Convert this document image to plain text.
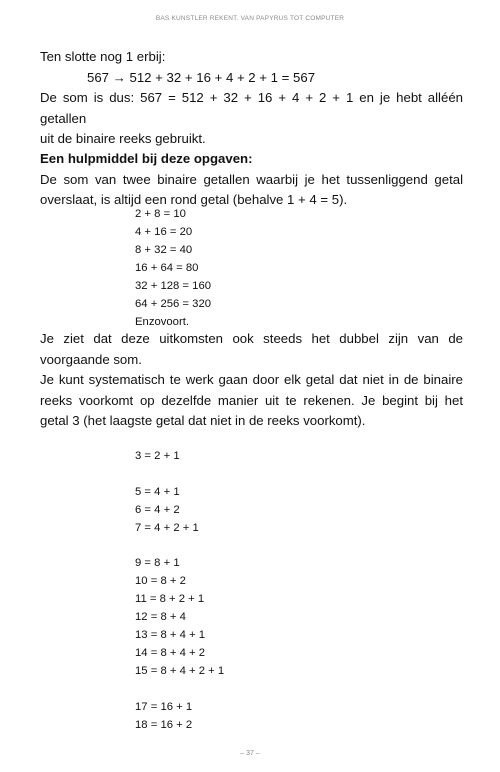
BAS KUNSTLER REKENT. VAN PAPYRUS TOT COMPUTER
Ten slotte nog 1 erbij:
567 → 512 + 32 + 16 + 4 + 2 + 1 = 567
De som is dus: 567 = 512 + 32 + 16 + 4 + 2 + 1 en je hebt alléén getallen
uit de binaire reeks gebruikt.
Een hulpmiddel bij deze opgaven:
De som van twee binaire getallen waarbij je het tussenliggend getal
overslaat, is altijd een rond getal (behalve 1 + 4 = 5).
2 + 8 = 10
4 + 16 = 20
8 + 32 = 40
16 + 64 = 80
32 + 128 = 160
64 + 256 = 320
Enzovoort.
Je ziet dat deze uitkomsten ook steeds het dubbel zijn van de
voorgaande som.
Je kunt systematisch te werk gaan door elk getal dat niet in de binaire
reeks voorkomt op dezelfde manier uit te rekenen. Je begint bij het
getal 3 (het laagste getal dat niet in de reeks voorkomt).
3 = 2 + 1
5 = 4 + 1
6 = 4 + 2
7 = 4 + 2 + 1
9 = 8 + 1
10 = 8 + 2
11 = 8 + 2 + 1
12 = 8 + 4
13 = 8 + 4 + 1
14 = 8 + 4 + 2
15 = 8 + 4 + 2 + 1
17 = 16 + 1
18 = 16 + 2
– 37 –
